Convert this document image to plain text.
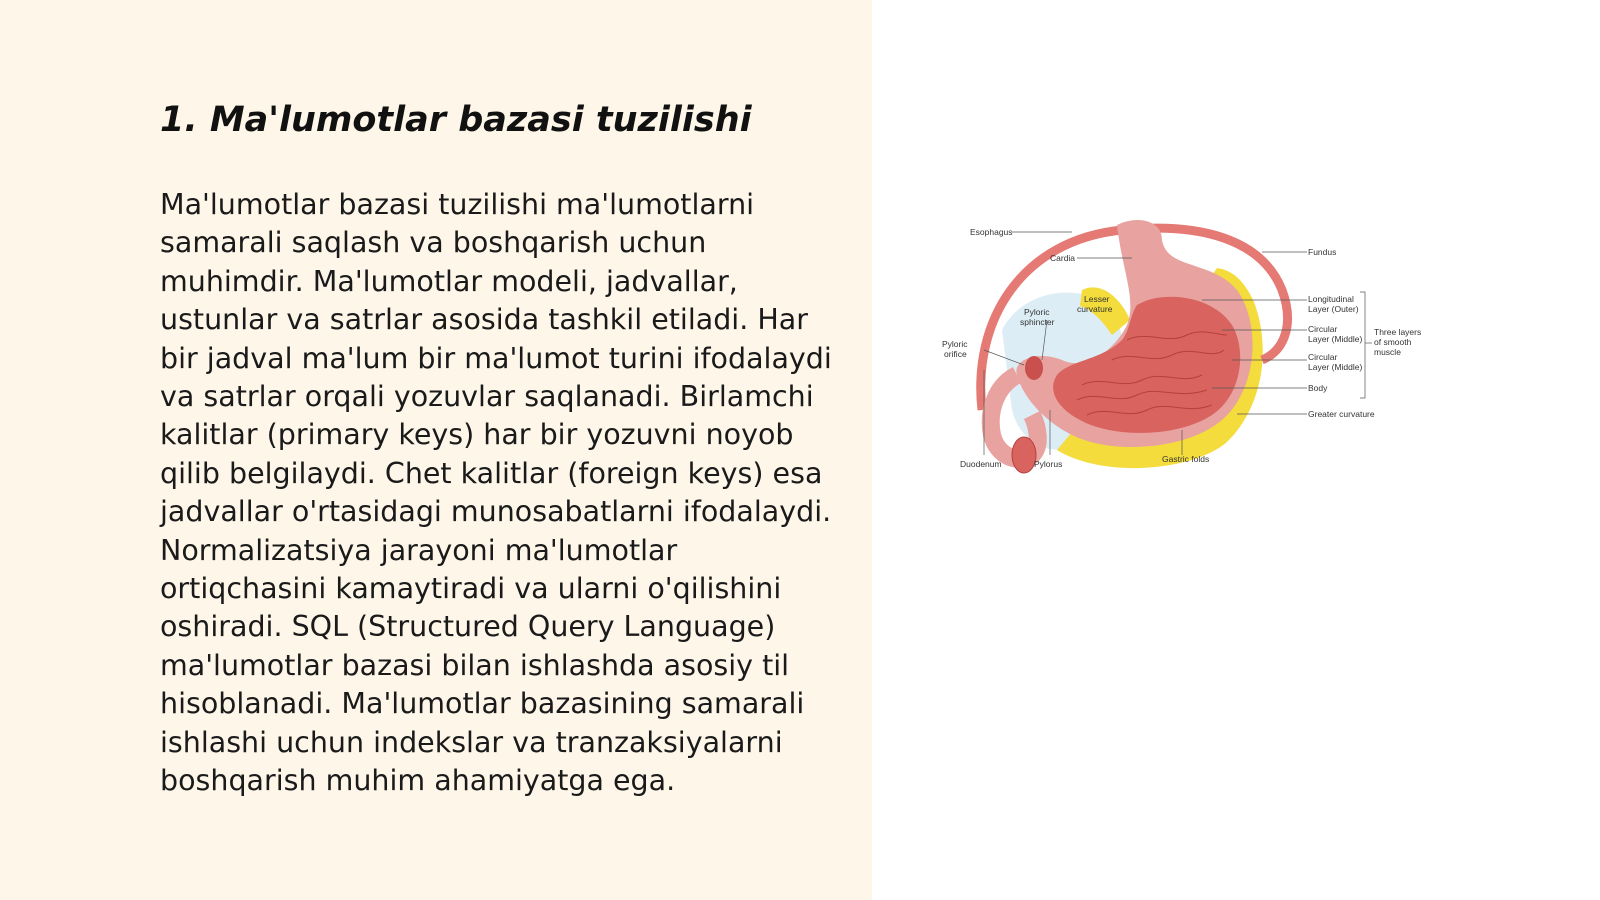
1. Ma'lumotlar bazasi tuzilishi

Ma'lumotlar bazasi tuzilishi ma'lumotlarni samarali saqlash va boshqarish uchun muhimdir. Ma'lumotlar modeli, jadvallar, ustunlar va satrlar asosida tashkil etiladi. Har bir jadval ma'lum bir ma'lumot turini ifodalaydi va satrlar orqali yozuvlar saqlanadi. Birlamchi kalitlar (primary keys) har bir yozuvni noyob qilib belgilaydi. Chet kalitlar (foreign keys) esa jadvallar o'rtasidagi munosabatlarni ifodalaydi. Normalizatsiya jarayoni ma'lumotlar ortiqchasini kamaytiradi va ularni o'qilishini oshiradi. SQL (Structured Query Language) ma'lumotlar bazasi bilan ishlashda asosiy til hisoblanadi. Ma'lumotlar bazasining samarali ishlashi uchun indekslar va tranzaksiyalarni boshqarish muhim ahamiyatga ega.

Esophagus
Cardia
Fundus
Lesser
curvature
Pyloric
sphincter
Pyloric
orifice
Longitudinal
Layer (Outer)
Circular
Layer (Middle)
Circular
Layer (Middle)
Three layers
of smooth
muscle
Body
Greater curvature
Duodenum	Pylorus	Gastric folds
